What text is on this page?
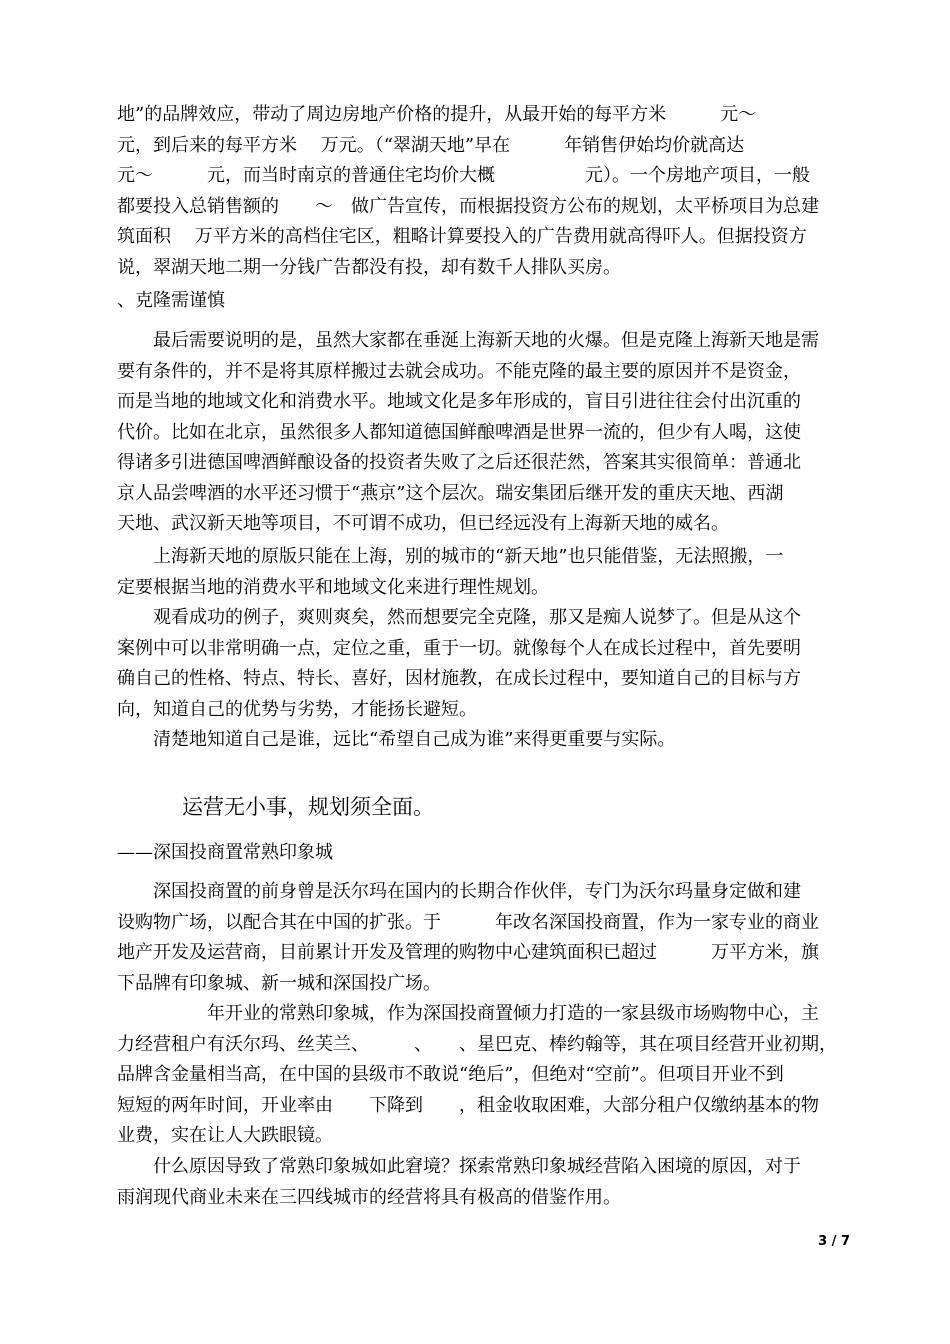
地”的品牌效应，带动了周边房地产价格的提升，从最开始的每平方米　　　元～
元，到后来的每平方米　 万元。（“翠湖天地”早在　　　年销售伊始均价就高达
元～　　　元，而当时南京的普通住宅均价大概　　　　　元）。一个房地产项目，一般
都要投入总销售额的　　～　做广告宣传，而根据投资方公布的规划，太平桥项目为总建
筑面积　 万平方米的高档住宅区，粗略计算要投入的广告费用就高得吓人。但据投资方
说，翠湖天地二期一分钱广告都没有投，却有数千人排队买房。
、克隆需谨慎
　　最后需要说明的是，虽然大家都在垂涎上海新天地的火爆。但是克隆上海新天地是需
要有条件的，并不是将其原样搬过去就会成功。不能克隆的最主要的原因并不是资金，
而是当地的地域文化和消费水平。地域文化是多年形成的，盲目引进往往会付出沉重的
代价。比如在北京，虽然很多人都知道德国鲜酿啤酒是世界一流的，但少有人喝，这使
得诸多引进德国啤酒鲜酿设备的投资者失败了之后还很茫然，答案其实很简单：普通北
京人品尝啤酒的水平还习惯于“燕京”这个层次。瑞安集团后继开发的重庆天地、西湖
天地、武汉新天地等项目，不可谓不成功，但已经远没有上海新天地的威名。
　　上海新天地的原版只能在上海，别的城市的“新天地”也只能借鉴，无法照搬，一
定要根据当地的消费水平和地域文化来进行理性规划。
　　观看成功的例子，爽则爽矣，然而想要完全克隆，那又是痴人说梦了。但是从这个
案例中可以非常明确一点，定位之重，重于一切。就像每个人在成长过程中，首先要明
确自己的性格、特点、特长、喜好，因材施教，在成长过程中，要知道自己的目标与方
向，知道自己的优势与劣势，才能扬长避短。
　　清楚地知道自己是谁，远比“希望自己成为谁”来得更重要与实际。
运营无小事，规划须全面。
——深国投商置常熟印象城
　　深国投商置的前身曾是沃尔玛在国内的长期合作伙伴，专门为沃尔玛量身定做和建
设购物广场，以配合其在中国的扩张。于　　　年改名深国投商置，作为一家专业的商业
地产开发及运营商，目前累计开发及管理的购物中心建筑面积已超过　　　万平方米，旗
下品牌有印象城、新一城和深国投广场。
　　　　　年开业的常熟印象城，作为深国投商置倾力打造的一家县级市场购物中心，主
力经营租户有沃尔玛、丝芙兰、　　　、　　、星巴克、棒约翰等，其在项目经营开业初期，
品牌含金量相当高，在中国的县级市不敢说“绝后”，但绝对“空前”。但项目开业不到
短短的两年时间，开业率由　　下降到　　，租金收取困难，大部分租户仅缴纳基本的物
业费，实在让人大跌眼镜。
　　什么原因导致了常熟印象城如此窘境？探索常熟印象城经营陷入困境的原因，对于
雨润现代商业未来在三四线城市的经营将具有极高的借鉴作用。
3 / 7
